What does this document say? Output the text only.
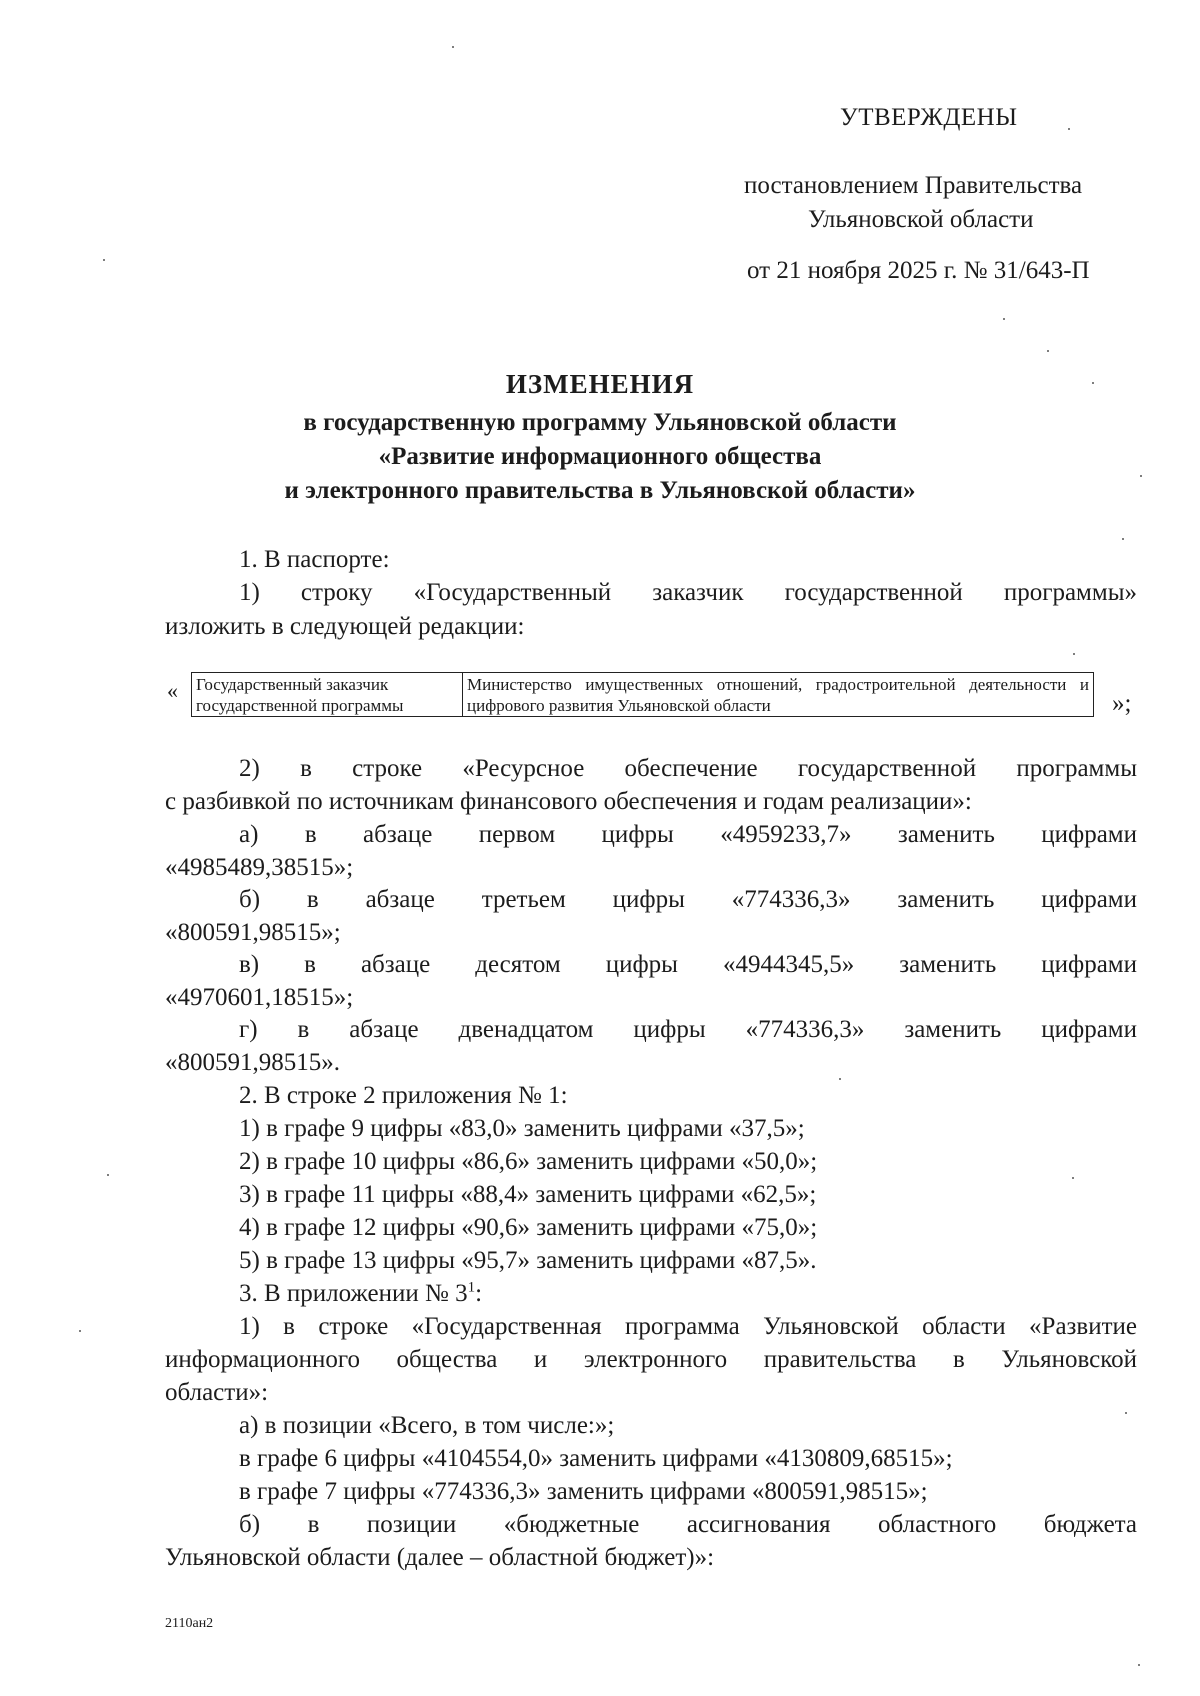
УТВЕРЖДЕНЫ
постановлением Правительства
Ульяновской области
от 21 ноября 2025 г. № 31/643-П
ИЗМЕНЕНИЯ
в государственную программу Ульяновской области
«Развитие информационного общества
и электронного правительства в Ульяновской области»
1. В паспорте:
1) строку «Государственный заказчик государственной программы»
изложить в следующей редакции:
« Государственный заказчик
государственной программы
	Министерство имущественных отношений, градостроительной деятельности и цифрового развития Ульяновской области	»;
2) в строке «Ресурсное обеспечение государственной программы
с разбивкой по источникам финансового обеспечения и годам реализации»:
а) в абзаце первом цифры «4959233,7» заменить цифрами
«4985489,38515»;
б) в абзаце третьем цифры «774336,3» заменить цифрами
«800591,98515»;
в) в абзаце десятом цифры «4944345,5» заменить цифрами
«4970601,18515»;
г) в абзаце двенадцатом цифры «774336,3» заменить цифрами
«800591,98515».
2. В строке 2 приложения № 1:
1) в графе 9 цифры «83,0» заменить цифрами «37,5»;
2) в графе 10 цифры «86,6» заменить цифрами «50,0»;
3) в графе 11 цифры «88,4» заменить цифрами «62,5»;
4) в графе 12 цифры «90,6» заменить цифрами «75,0»;
5) в графе 13 цифры «95,7» заменить цифрами «87,5».
3. В приложении № $3^1$:
1) в строке «Государственная программа Ульяновской области «Развитие
информационного общества и электронного правительства в Ульяновской
области»:
а) в позиции «Всего, в том числе:»;
в графе 6 цифры «4104554,0» заменить цифрами «4130809,68515»;
в графе 7 цифры «774336,3» заменить цифрами «800591,98515»;
б) в позиции «бюджетные ассигнования областного бюджета
Ульяновской области (далее – областной бюджет)»:
2110ан2
